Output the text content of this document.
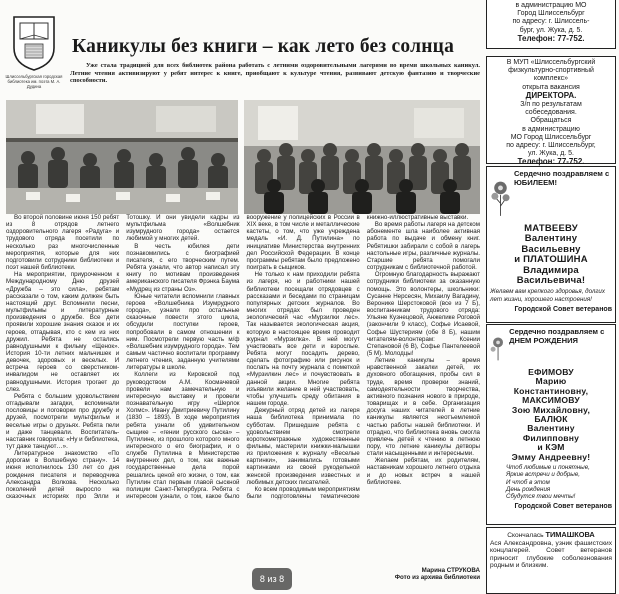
Шлиссельбургская городская библиотека им. поэта М. А. Дудина
Каникулы без книги – как лето без солнца
Уже стала традицией для всех библиотек района работать с летними оздоровительными лагерями во время школьных каникул. Летние чтения активизируют у ребят интерес к книге, приобщают к культуре чтения, развивают детскую фантазию и творческие способности.

Во второй половине июня 150 ребят из 8 отрядов летнего оздоровительного лагеря «Радуга» и трудового отряда посетили по несколько раз многочисленные мероприятия, которые для них подготовили сотрудники библиотеки и поэт нашей библиотеки.

На мероприятии, приуроченном к Международному Дню друзей «Дружба – это сила», ребятам рассказали о том, каким должен быть настоящий друг. Вспомнили песни, мультфильмы и литературные произведения о дружбе. Все дети проявили хорошие знания сказок и их героев, отгадывая, кто с кем из них дружил. Ребята не остались равнодушными к фильму «Щенок». История 10-ти летних мальчишек и девочек, здоровых и веселых. И встреча героев со сверстником-инвалидом не оставляет их равнодушными. История трогает до слез.

Ребята с большим удовольствием отгадывали загадки, вспоминали пословицы и поговорки про дружбу и друзей, посмотрели мультфильм и веселые игры о друзьях. Ребята пели и даже танцевали. Воспитатель-наставник говорила: «Ну и библиотека, тут даже танцуют…».

Литературное знакомство «По дорогам в Волшебную страну». 14 июня исполнилось 130 лет со дня рождения писателя и переводчика Александра Волкова. Несколько поколений детей выросло на сказочных историях про Элли и Тотошку. И они увидели кадры из мультфильма «Волшебник изумрудного города» остается любимой у многих детей.

В честь юбилея дети познакомились с биографией писателя, с его творческим путем. Ребята узнали, что автор написал эту книгу по мотивам произведения американского писателя Фрэнка Баума «Мудрец из страны Оз».

Юные читатели вспомнили главных героев «Волшебника Изумрудного города», узнали про остальные сказочные повести этого цикла, обсудили поступки героев, попробовали в самом отношении к ним. Посмотрели первую часть м/ф «Волшебник изумрудного города». Тем самым частично воспитали программу летнего чтения, заданную учителями литературы в школе.

Коллеги из Кировской под руководством А.М. Космачевой провели нам замечательную и интересную выставку и провели познавательную игру «Шерлок Холмс». Ивану Дмитриевичу Путилину (1830 – 1893). В ходе мероприятия ребята узнали об удивительном сыщике – «гении русского сыска» – Путилине, из прошлого которого много интересного о его биографии, и о службе Путилина в Министерстве внутренних дел, о том, как важные государственные дела порой решались ценой его жизни, о том, как Путилин стал первым главой сыскной полиции Санкт-Петербурга. Ребята с интересом узнали, о том, какое было вооружение у полицейских в России в XIX веке, в том числе и металлические кастеты, о том, что уже учреждена медаль «И. Д. Путилина» по инициативе Министерства внутренних дел Российской Федерации. В конце программы ребятам было предложено поиграть в сыщиков.

Не только к нам приходили ребята из лагеря, но и работники нашей библиотеки посещали отрядовцев с рассказами и беседами по страницам популярных детских журналов. Во многих отрядах был проведен экологический час «Мурзилки лес». Так называется экологическая акция, которую в настоящее время проводит журнал «Мурзилка». В ней могут участвовать все дети и взрослые. Ребята могут посадить дерево, сделать фотографию или рисунок и послать на почту журнала с пометкой «Мурзилкин лес» и почувствовать в данной акции. Многие ребята изъявили желание в ней участвовать, чтобы улучшить среду обитания в нашем городе.

Дежурный отряд детей из лагеря наша библиотека принимала по субботам. Пришедшие ребята с удовольствием смотрели короткометражные художественные фильмы, мастерили книжки-малышки из приложения к журналу «Веселые картинки», занимались готовыми картинками из своей рукодельной женской произведения известных и любимых детских писателей.

Ко всем проводимым мероприятиям были подготовлены тематические книжно-иллюстративные выставки.

Во время работы лагеря на детском абонементе шла наиболее активная работа по выдаче и обмену книг. Ребятишки забирали с собой в лагерь настольные игры, различные журналы. Старшие ребята помогали сотрудникам с библиотечной работой.

Огромную благодарность выражают сотрудники библиотеки за оказанную помощь. Это волонтеры, школьники: Сусанне Нерсесян, Михаилу Вагадину, Веронике Шерстоковой (все из 7 Б), воспитанникам трудового отряда: Ульяне Кузнецовой, Анжелике Роговой (закончили 9 класс), Софье Исаевой, Софье Шустериям (обе 8 Б), нашим читателям-волонтерам: Ксении Степановой (6 В), Софье Пантелеевой (5 М). Молодцы!

Летние каникулы – время нравственной закалки детей, их духовного обогащения, пробы сил в труде, время проверки знаний, самодеятельности творчества, активного познания нового в природе, товарищах и в себе. Организация досуга наших читателей в летние каникулы является неотъемлемой частью работы нашей библиотеки. И отрадно, что библиотека вновь смогла привлечь детей к чтению в летнюю пору, что летние каникулы детворы стали насыщенными и интересными.

Желаем ребятам, их родителям, наставникам хорошего летнего отдыха и до новых встреч в нашей библиотеке.

Марина СТРУКОВА
Фото из архива библиотеки
в администрацию МО
Город Шлиссельбург
по адресу: г. Шлиссель-
бург, ул. Жука, д. 5.
Телефон: 77-752.
В МУП «Шлиссельбургский
физкультурно-спортивный
комплекс»
открыта вакансия
ДИРЕКТОРА.
З/п по результатам
собеседования.
Обращаться
в администрацию
МО Город Шлиссельбург
по адресу: г. Шлиссельбург,
ул. Жука, д. 5.
Телефон: 77-752.
Сердечно поздравляем с ЮБИЛЕЕМ!
МАТВЕЕВУ
Валентину
Васильевну
и ПЛАТОШИНА
Владимира
Васильевича!
Желаем вам крепкого здоровья, долгих лет жизни, хорошего настроения!
Городской Совет ветеранов
Сердечно поздравляем с ДНЕМ РОЖДЕНИЯ
ЕФИМОВУ
Марию
Константиновну,
МАКСИМОВУ
Зою Михайловну,
БАЛЮК
Валентину
Филипповну
и КЭМ
Эмму Андреевну!
Чтоб любимые и понятные,
Яркие встречи и добрые,
И чтоб в этом
День рождения
Сбудутся твои мечты!
Городской Совет ветеранов
Скончалась ТИМАШКОВА
Ася Александровна, узник фашистских концлагерей. Совет ветеранов приносит глубокие соболезнования родным и близким.
8 из 8
